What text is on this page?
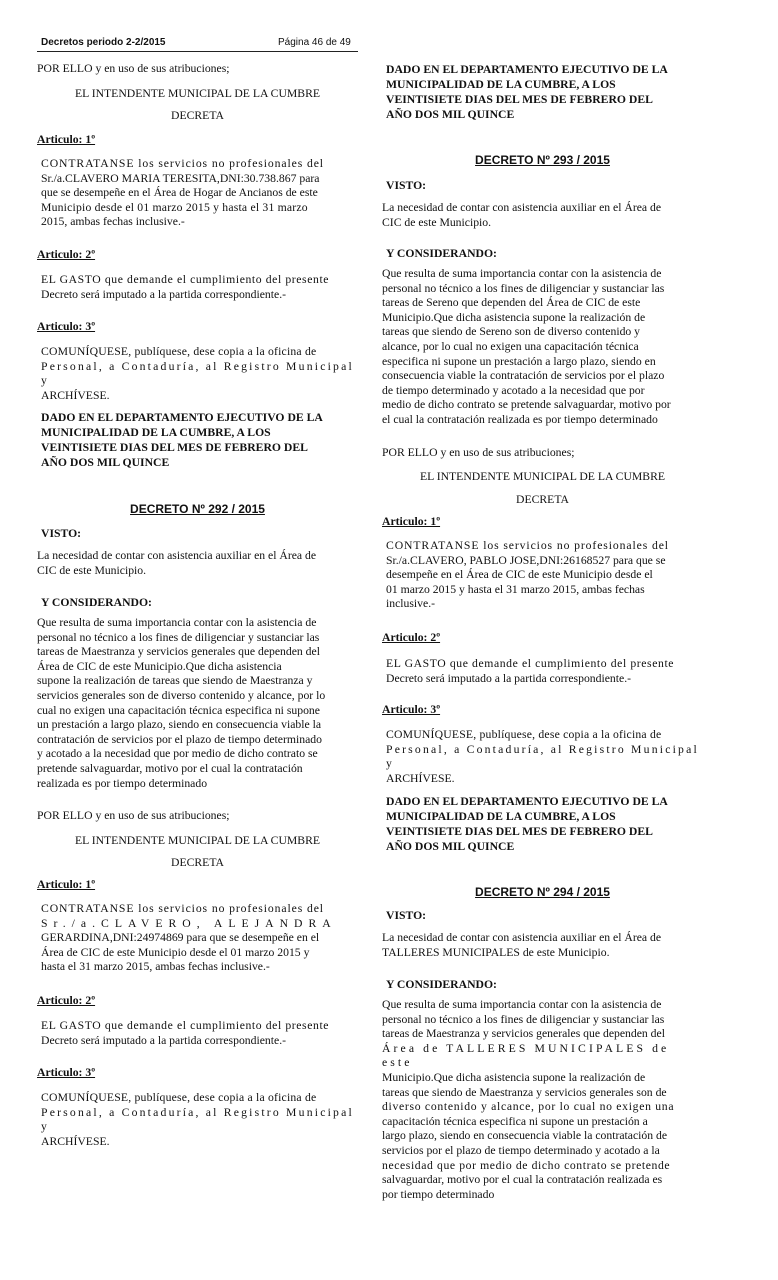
Decretos periodo 2-2/2015	Página 46 de 49
POR ELLO y en uso de sus atribuciones;
EL INTENDENTE MUNICIPAL DE LA CUMBRE
DECRETA
Articulo: 1º
CONTRATANSE los servicios no profesionales del
Sr./a.CLAVERO MARIA TERESITA,DNI:30.738.867 para
que se desempeñe en el Área de Hogar de Ancianos de este
Municipio desde el 01 marzo 2015 y hasta el 31 marzo
2015, ambas fechas inclusive.-
Articulo: 2º
EL GASTO que demande el cumplimiento del presente
Decreto será imputado a la partida correspondiente.-
Articulo: 3º
COMUNÍQUESE, publíquese, dese copia a la oficina de
Personal, a Contaduría, al Registro Municipal y
ARCHÍVESE.
DADO EN EL DEPARTAMENTO EJECUTIVO DE LA
MUNICIPALIDAD DE LA CUMBRE, A LOS
VEINTISIETE DIAS DEL MES DE FEBRERO DEL
AÑO DOS MIL QUINCE
DECRETO Nº 292 / 2015
VISTO:
La necesidad de contar con asistencia auxiliar en el Área de
CIC de este Municipio.
Y CONSIDERANDO:
Que resulta de suma importancia contar con la asistencia de
personal no técnico a los fines de diligenciar y sustanciar las
tareas de Maestranza y servicios generales que dependen del
Área de CIC de este Municipio.Que dicha asistencia
supone la realización de tareas que siendo de Maestranza y
servicios generales son de diverso contenido y alcance, por lo
cual no exigen una capacitación técnica especifica ni supone
un prestación a largo plazo, siendo en consecuencia viable la
contratación de servicios por el plazo de tiempo determinado
y acotado a la necesidad que por medio de dicho contrato se
pretende salvaguardar, motivo por el cual la contratación
realizada es por tiempo determinado
POR ELLO y en uso de sus atribuciones;
EL INTENDENTE MUNICIPAL DE LA CUMBRE
DECRETA
Articulo: 1º
CONTRATANSE los servicios no profesionales del
Sr./a.CLAVERO, ALEJANDRA
GERARDINA,DNI:24974869 para que se desempeñe en el
Área de CIC de este Municipio desde el 01 marzo 2015 y
hasta el 31 marzo 2015, ambas fechas inclusive.-
Articulo: 2º
EL GASTO que demande el cumplimiento del presente
Decreto será imputado a la partida correspondiente.-
Articulo: 3º
COMUNÍQUESE, publíquese, dese copia a la oficina de
Personal, a Contaduría, al Registro Municipal y
ARCHÍVESE.
DADO EN EL DEPARTAMENTO EJECUTIVO DE LA
MUNICIPALIDAD DE LA CUMBRE, A LOS
VEINTISIETE DIAS DEL MES DE FEBRERO DEL
AÑO DOS MIL QUINCE
DECRETO Nº 293 / 2015
VISTO:
La necesidad de contar con asistencia auxiliar en el Área de
CIC de este Municipio.
Y CONSIDERANDO:
Que resulta de suma importancia contar con la asistencia de
personal no técnico a los fines de diligenciar y sustanciar las
tareas de Sereno que dependen del Área de CIC de este
Municipio.Que dicha asistencia supone la realización de
tareas que siendo de Sereno son de diverso contenido y
alcance, por lo cual no exigen una capacitación técnica
especifica ni supone un prestación a largo plazo, siendo en
consecuencia viable la contratación de servicios por el plazo
de tiempo determinado y acotado a la necesidad que por
medio de dicho contrato se pretende salvaguardar, motivo por
el cual la contratación realizada es por tiempo determinado
POR ELLO y en uso de sus atribuciones;
EL INTENDENTE MUNICIPAL DE LA CUMBRE
DECRETA
Articulo: 1º
CONTRATANSE los servicios no profesionales del
Sr./a.CLAVERO, PABLO JOSE,DNI:26168527 para que se
desempeñe en el Área de CIC de este Municipio desde el
01 marzo 2015 y hasta el 31 marzo 2015, ambas fechas
inclusive.-
Articulo: 2º
EL GASTO que demande el cumplimiento del presente
Decreto será imputado a la partida correspondiente.-
Articulo: 3º
COMUNÍQUESE, publíquese, dese copia a la oficina de
Personal, a Contaduría, al Registro Municipal y
ARCHÍVESE.
DADO EN EL DEPARTAMENTO EJECUTIVO DE LA
MUNICIPALIDAD DE LA CUMBRE, A LOS
VEINTISIETE DIAS DEL MES DE FEBRERO DEL
AÑO DOS MIL QUINCE
DECRETO Nº 294 / 2015
VISTO:
La necesidad de contar con asistencia auxiliar en el Área de
TALLERES MUNICIPALES de este Municipio.
Y CONSIDERANDO:
Que resulta de suma importancia contar con la asistencia de
personal no técnico a los fines de diligenciar y sustanciar las
tareas de Maestranza y servicios generales que dependen del
Área de TALLERES MUNICIPALES de este
Municipio.Que dicha asistencia supone la realización de
tareas que siendo de Maestranza y servicios generales son de
diverso contenido y alcance, por lo cual no exigen una
capacitación técnica especifica ni supone un prestación a
largo plazo, siendo en consecuencia viable la contratación de
servicios por el plazo de tiempo determinado y acotado a la
necesidad que por medio de dicho contrato se pretende
salvaguardar, motivo por el cual la contratación realizada es
por tiempo determinado
